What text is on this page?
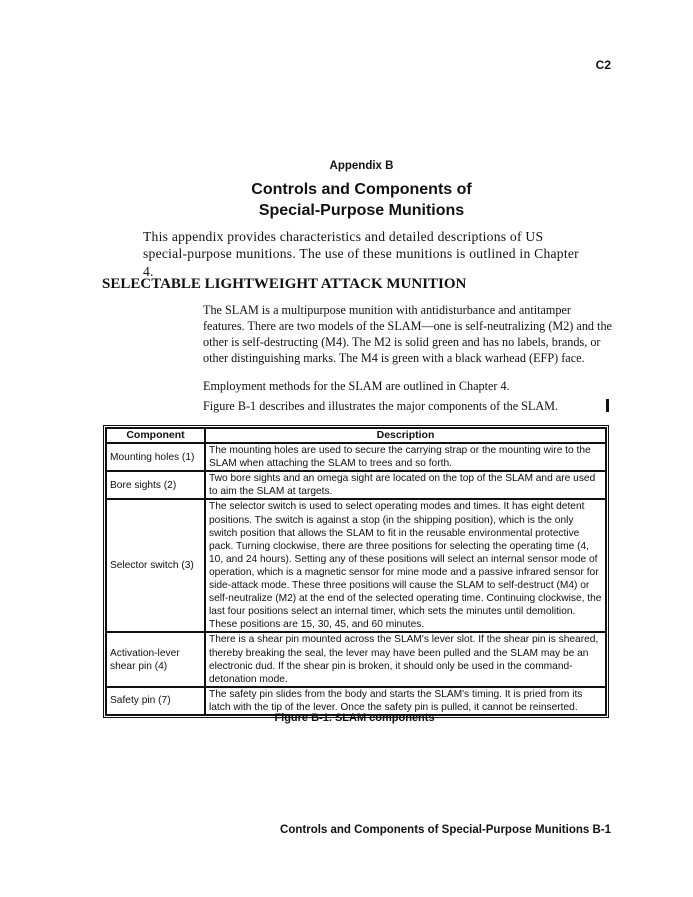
C2
Appendix B
Controls and Components of
Special-Purpose Munitions

This appendix provides characteristics and detailed descriptions of US special-purpose munitions. The use of these munitions is outlined in Chapter 4.

SELECTABLE LIGHTWEIGHT ATTACK MUNITION

The SLAM is a multipurpose munition with antidisturbance and antitamper features. There are two models of the SLAM—one is self-neutralizing (M2) and the other is self-destructing (M4). The M2 is solid green and has no labels, brands, or other distinguishing marks. The M4 is green with a black warhead (EFP) face.

Employment methods for the SLAM are outlined in Chapter 4.

Figure B-1 describes and illustrates the major components of the SLAM.

Component	Description
Mounting holes (1)	The mounting holes are used to secure the carrying strap or the mounting wire to the SLAM when attaching the SLAM to trees and so forth.
Bore sights (2)	Two bore sights and an omega sight are located on the top of the SLAM and are used to aim the SLAM at targets.
Selector switch (3)	The selector switch is used to select operating modes and times. It has eight detent positions. The switch is against a stop (in the shipping position), which is the only switch position that allows the SLAM to fit in the reusable environmental protective pack. Turning clockwise, there are three positions for selecting the operating time (4, 10, and 24 hours). Setting any of these positions will select an internal sensor mode of operation, which is a magnetic sensor for mine mode and a passive infrared sensor for side-attack mode. These three positions will cause the SLAM to self-destruct (M4) or self-neutralize (M2) at the end of the selected operating time. Continuing clockwise, the last four positions select an internal timer, which sets the minutes until demolition. These positions are 15, 30, 45, and 60 minutes.
Activation-lever shear pin (4)	There is a shear pin mounted across the SLAM's lever slot. If the shear pin is sheared, thereby breaking the seal, the lever may have been pulled and the SLAM may be an electronic dud. If the shear pin is broken, it should only be used in the command-detonation mode.
Safety pin (7)	The safety pin slides from the body and starts the SLAM's timing. It is pried from its latch with the tip of the lever. Once the safety pin is pulled, it cannot be reinserted.
Figure B-1. SLAM components
Controls and Components of Special-Purpose Munitions B-1
